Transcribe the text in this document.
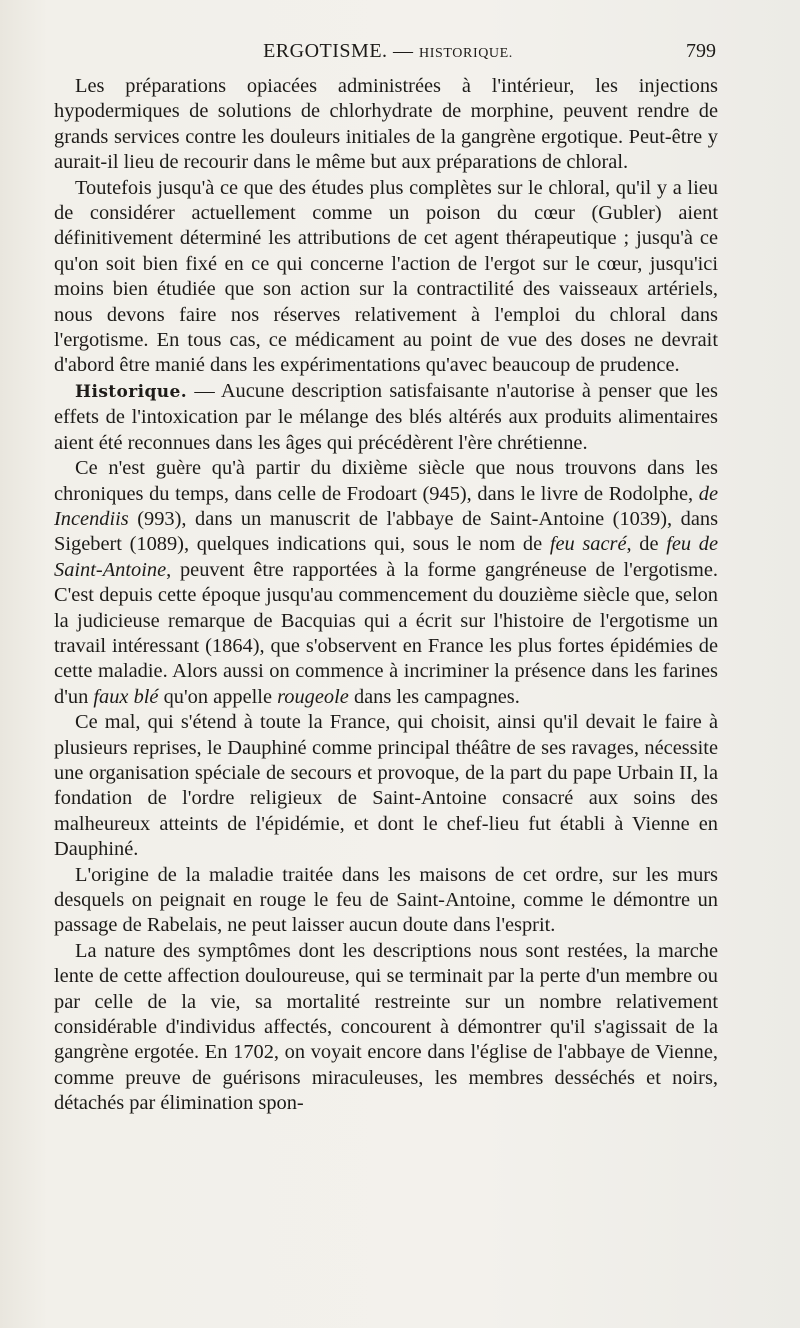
ERGOTISME. — HISTORIQUE.	799

Les préparations opiacées administrées à l'intérieur, les injections hypodermiques de solutions de chlorhydrate de morphine, peuvent rendre de grands services contre les douleurs initiales de la gangrène ergotique. Peut-être y aurait-il lieu de recourir dans le même but aux préparations de chloral.

Toutefois jusqu'à ce que des études plus complètes sur le chloral, qu'il y a lieu de considérer actuellement comme un poison du cœur (Gubler) aient définitivement déterminé les attributions de cet agent thérapeutique ; jusqu'à ce qu'on soit bien fixé en ce qui concerne l'action de l'ergot sur le cœur, jusqu'ici moins bien étudiée que son action sur la contractilité des vaisseaux artériels, nous devons faire nos réserves relativement à l'emploi du chloral dans l'ergotisme. En tous cas, ce médicament au point de vue des doses ne devrait d'abord être manié dans les expérimentations qu'avec beaucoup de prudence.

Historique. — Aucune description satisfaisante n'autorise à penser que les effets de l'intoxication par le mélange des blés altérés aux produits alimentaires aient été reconnues dans les âges qui précédèrent l'ère chrétienne.

Ce n'est guère qu'à partir du dixième siècle que nous trouvons dans les chroniques du temps, dans celle de Frodoart (945), dans le livre de Rodolphe, de Incendiis (993), dans un manuscrit de l'abbaye de Saint-Antoine (1039), dans Sigebert (1089), quelques indications qui, sous le nom de feu sacré, de feu de Saint-Antoine, peuvent être rapportées à la forme gangréneuse de l'ergotisme. C'est depuis cette époque jusqu'au commencement du douzième siècle que, selon la judicieuse remarque de Bacquias qui a écrit sur l'histoire de l'ergotisme un travail intéressant (1864), que s'observent en France les plus fortes épidémies de cette maladie. Alors aussi on commence à incriminer la présence dans les farines d'un faux blé qu'on appelle rougeole dans les campagnes.

Ce mal, qui s'étend à toute la France, qui choisit, ainsi qu'il devait le faire à plusieurs reprises, le Dauphiné comme principal théâtre de ses ravages, nécessite une organisation spéciale de secours et provoque, de la part du pape Urbain II, la fondation de l'ordre religieux de Saint-Antoine consacré aux soins des malheureux atteints de l'épidémie, et dont le chef-lieu fut établi à Vienne en Dauphiné.

L'origine de la maladie traitée dans les maisons de cet ordre, sur les murs desquels on peignait en rouge le feu de Saint-Antoine, comme le démontre un passage de Rabelais, ne peut laisser aucun doute dans l'esprit.

La nature des symptômes dont les descriptions nous sont restées, la marche lente de cette affection douloureuse, qui se terminait par la perte d'un membre ou par celle de la vie, sa mortalité restreinte sur un nombre relativement considérable d'individus affectés, concourent à démontrer qu'il s'agissait de la gangrène ergotée. En 1702, on voyait encore dans l'église de l'abbaye de Vienne, comme preuve de guérisons miraculeuses, les membres desséchés et noirs, détachés par élimination spon-
